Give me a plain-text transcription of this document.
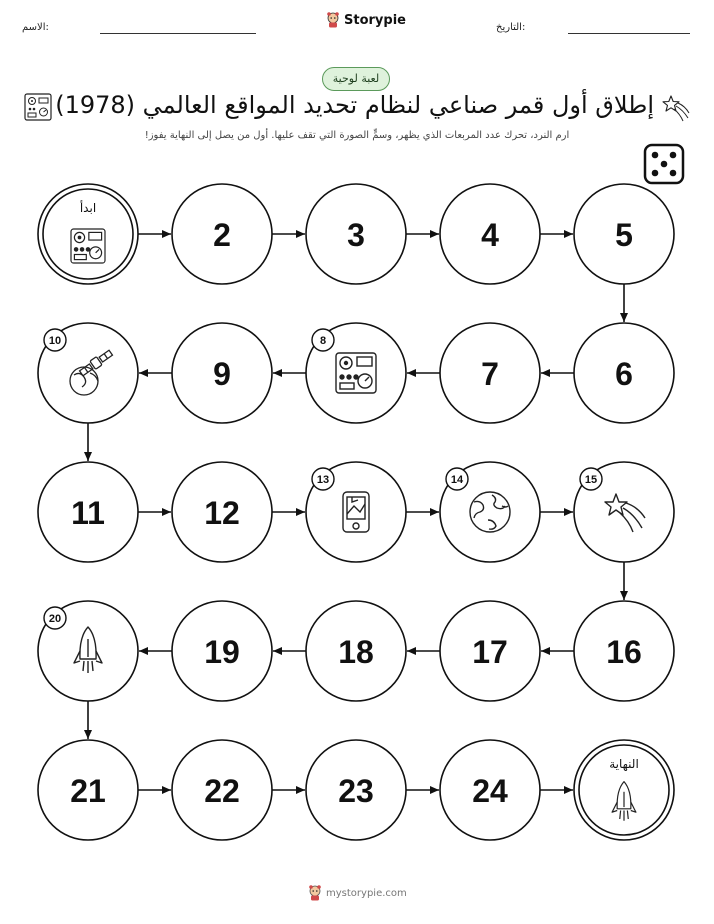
الاسم:	Storypie	التاريخ:
لعبة لوحية
إطلاق أول قمر صناعي لنظام تحديد المواقع العالمي (1978)
ارم النرد، تحرك عدد المربعات الذي يظهر، وسمٍّ الصورة التي تقف عليها. أول من يصل إلى النهاية يفوز!
ابدأ
2	3	4	5
6
7
8
9
10
11	12
13	14	15
16
17
18
19
20
21	22	23	24
النهاية
mystorypie.com
